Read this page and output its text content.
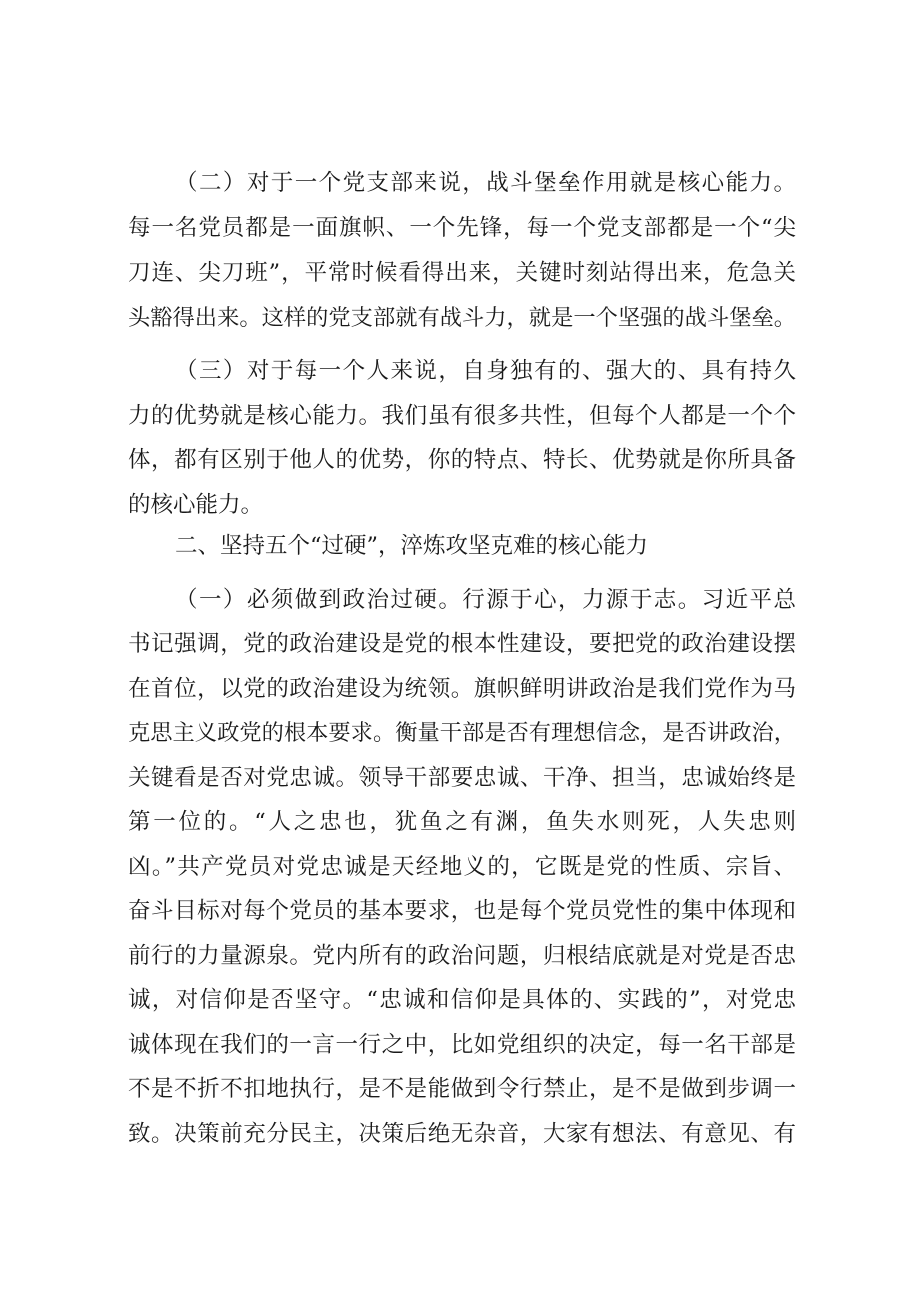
（二）对于一个党支部来说，战斗堡垒作用就是核心能力。
每一名党员都是一面旗帜、一个先锋，每一个党支部都是一个“尖
刀连、尖刀班”，平常时候看得出来，关键时刻站得出来，危急关
头豁得出来。这样的党支部就有战斗力，就是一个坚强的战斗堡垒。
（三）对于每一个人来说，自身独有的、强大的、具有持久
力的优势就是核心能力。我们虽有很多共性，但每个人都是一个个
体，都有区别于他人的优势，你的特点、特长、优势就是你所具备
的核心能力。
二、坚持五个“过硬”，淬炼攻坚克难的核心能力
（一）必须做到政治过硬。行源于心，力源于志。习近平总
书记强调，党的政治建设是党的根本性建设，要把党的政治建设摆
在首位，以党的政治建设为统领。旗帜鲜明讲政治是我们党作为马
克思主义政党的根本要求。衡量干部是否有理想信念，是否讲政治，
关键看是否对党忠诚。领导干部要忠诚、干净、担当，忠诚始终是
第一位的。“人之忠也，犹鱼之有渊，鱼失水则死，人失忠则
凶。”共产党员对党忠诚是天经地义的，它既是党的性质、宗旨、
奋斗目标对每个党员的基本要求，也是每个党员党性的集中体现和
前行的力量源泉。党内所有的政治问题，归根结底就是对党是否忠
诚，对信仰是否坚守。“忠诚和信仰是具体的、实践的”，对党忠
诚体现在我们的一言一行之中，比如党组织的决定，每一名干部是
不是不折不扣地执行，是不是能做到令行禁止，是不是做到步调一
致。决策前充分民主，决策后绝无杂音，大家有想法、有意见、有
